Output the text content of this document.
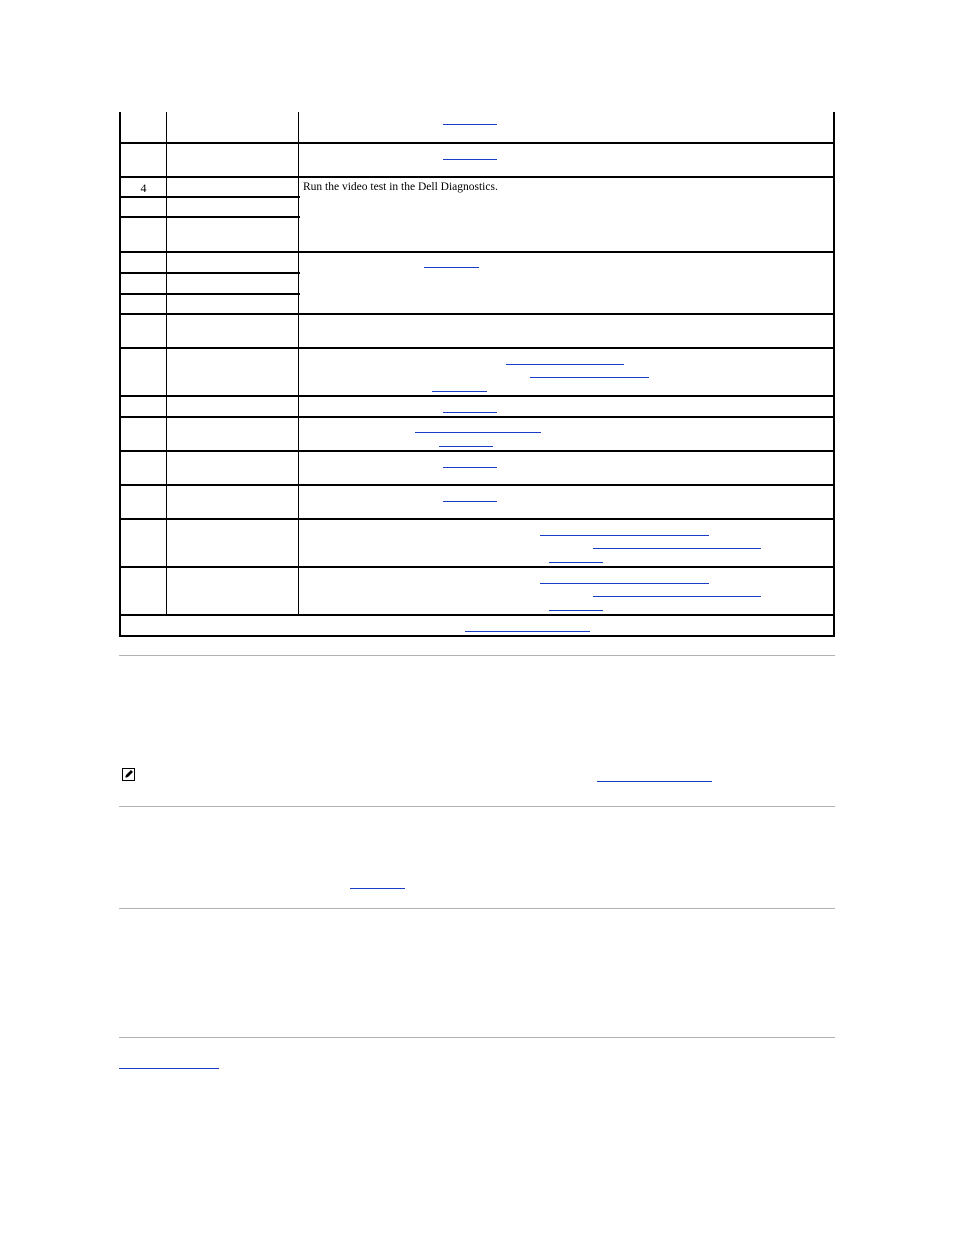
4	Run the video test in the Dell Diagnostics.
